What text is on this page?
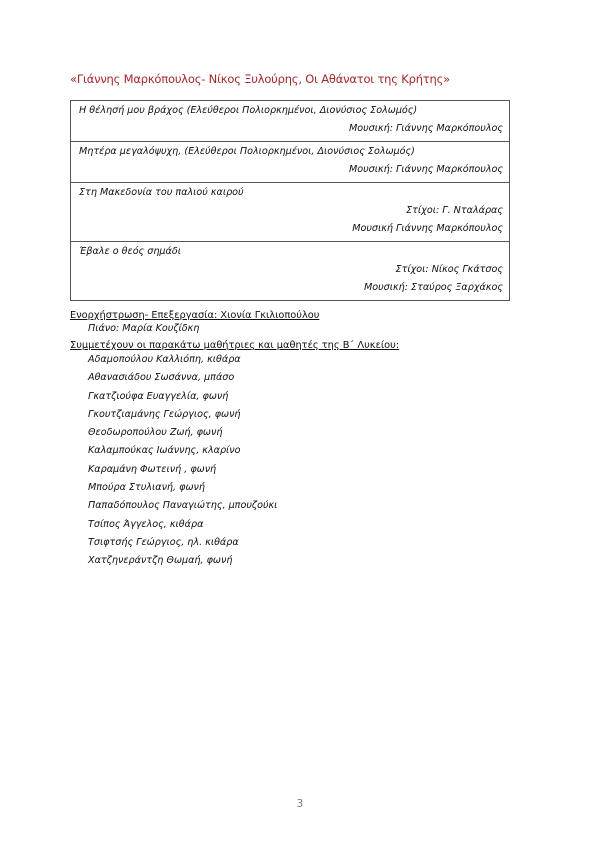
«Γιάννης Μαρκόπουλος- Νίκος Ξυλούρης, Οι Αθάνατοι της Κρήτης»
Η θέλησή μου βράχος (Ελεύθεροι Πολιορκημένοι, Διονύσιος Σολωμός)
Μουσική: Γιάννης Μαρκόπουλος
Μητέρα μεγαλόψυχη, (Ελεύθεροι Πολιορκημένοι, Διονύσιος Σολωμός)
Μουσική: Γιάννης Μαρκόπουλος
Στη Μακεδονία του παλιού καιρού
Στίχοι: Γ. Νταλάρας
Μουσική Γιάννης Μαρκόπουλος
Έβαλε ο θεός σημάδι
Στίχοι: Νίκος Γκάτσος
Μουσική: Σταύρος Ξαρχάκος
Ενορχήστρωση- Επεξεργασία: Χιονία Γκιλιοπούλου
Πιάνο: Μαρία Κουζίδκη
Συμμετέχουν οι παρακάτω μαθήτριες και μαθητές της Β΄ Λυκείου:
Αδαμοπούλου Καλλιόπη, κιθάρα
Αθανασιάδου Σωσάννα, μπάσο
Γκατζιούφα Ευαγγελία, φωνή
Γκουτζιαμάνης Γεώργιος, φωνή
Θεοδωροπούλου Ζωή, φωνή
Καλαμπούκας Ιωάννης, κλαρίνο
Καραμάνη Φωτεινή , φωνή
Μπούρα Στυλιανή, φωνή
Παπαδόπουλος Παναγιώτης, μπουζούκι
Τσίπος Άγγελος, κιθάρα
Τσιφτσής Γεώργιος, ηλ. κιθάρα
Χατζηνεράντζη Θωμαή, φωνή
3
